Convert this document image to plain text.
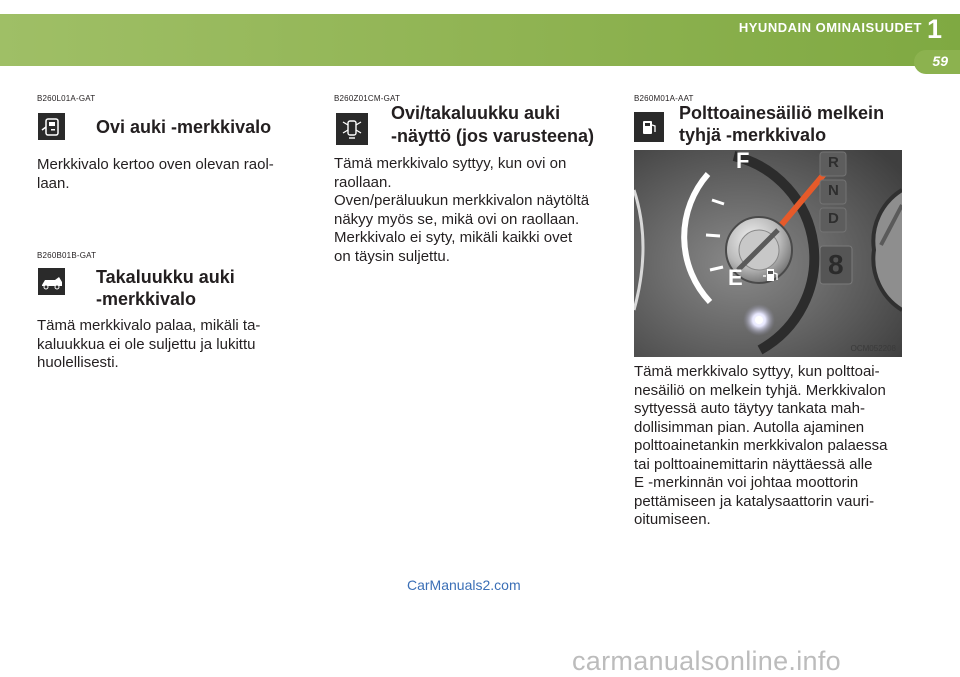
HYUNDAIN OMINAISUUDET 1
59
B260L01A-GAT
Ovi auki -merkkivalo

Merkkivalo kertoo oven olevan raol-
laan.

B260B01B-GAT
Takaluukku auki
-merkkivalo

Tämä merkkivalo palaa, mikäli ta-
kaluukkua ei ole suljettu ja lukittu
huolellisesti.

B260Z01CM-GAT
Ovi/takaluukku auki
-näyttö (jos varusteena)

Tämä merkkivalo syttyy, kun ovi on
raollaan.
Oven/peräluukun merkkivalon näytöltä
näkyy myös se, mikä ovi on raollaan.
Merkkivalo ei syty, mikäli kaikki ovet
on täysin suljettu.

B260M01A-AAT
Polttoainesäiliö melkein
tyhjä -merkkivalo
F
E
R
N
D
8
OCM052208

Tämä merkkivalo syttyy, kun polttoai-
nesäiliö on melkein tyhjä. Merkkivalon
syttyessä auto täytyy tankata mah-
dollisimman pian. Autolla ajaminen
polttoainetankin merkkivalon palaessa
tai polttoainemittarin näyttäessä alle
E -merkinnän voi johtaa moottorin
pettämiseen ja katalysaattorin vauri-
oitumiseen.

CarManuals2.com
carmanualsonline.info
